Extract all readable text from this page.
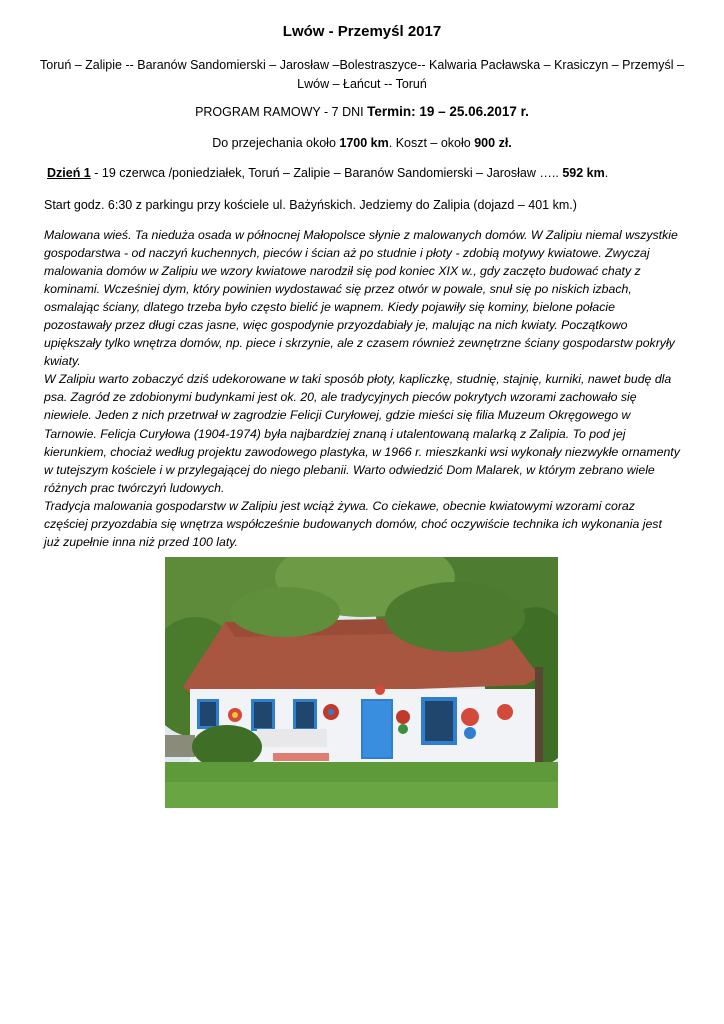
Lwów - Przemyśl 2017
Toruń – Zalipie -- Baranów Sandomierski – Jarosław –Bolestraszyce-- Kalwaria Pacławska – Krasiczyn – Przemyśl – Lwów – Łańcut -- Toruń
PROGRAM RAMOWY - 7 DNI Termin: 19 – 25.06.2017 r.
Do przejechania około 1700 km. Koszt – około 900 zł.
Dzień 1 - 19 czerwca /poniedziałek, Toruń – Zalipie – Baranów Sandomierski – Jarosław ….. 592 km.
Start godz. 6:30 z parkingu przy kościele ul. Bażyńskich. Jedziemy do Zalipia (dojazd – 401 km.)

Malowana wieś. Ta nieduża osada w północnej Małopolsce słynie z malowanych domów. W Zalipiu niemal wszystkie gospodarstwa - od naczyń kuchennych, pieców i ścian aż po studnie i płoty - zdobią motywy kwiatowe. Zwyczaj malowania domów w Zalipiu we wzory kwiatowe narodził się pod koniec XIX w., gdy zaczęto budować chaty z kominami. Wcześniej dym, który powinien wydostawać się przez otwór w powale, snuł się po niskich izbach, osmalając ściany, dlatego trzeba było często bielić je wapnem. Kiedy pojawiły się kominy, bielone połacie pozostawały przez długi czas jasne, więc gospodynie przyozdabiały je, malując na nich kwiaty. Początkowo upiększały tylko wnętrza domów, np. piece i skrzynie, ale z czasem również zewnętrzne ściany gospodarstw pokryły kwiaty.

W Zalipiu warto zobaczyć dziś udekorowane w taki sposób płoty, kapliczkę, studnię, stajnię, kurniki, nawet budę dla psa. Zagród ze zdobionymi budynkami jest ok. 20, ale tradycyjnych pieców pokrytych wzorami zachowało się niewiele. Jeden z nich przetrwał w zagrodzie Felicji Curyłowej, gdzie mieści się filia Muzeum Okręgowego w Tarnowie. Felicja Curyłowa (1904-1974) była najbardziej znaną i utalentowaną malarką z Zalipia. To pod jej kierunkiem, chociaż według projektu zawodowego plastyka, w 1966 r. mieszkanki wsi wykonały niezwykłe ornamenty w tutejszym kościele i w przylegającej do niego plebanii. Warto odwiedzić Dom Malarek, w którym zebrano wiele różnych prac twórczyń ludowych.

Tradycja malowania gospodarstw w Zalipiu jest wciąż żywa. Co ciekawe, obecnie kwiatowymi wzorami coraz częściej przyozdabia się wnętrza współcześnie budowanych domów, choć oczywiście technika ich wykonania jest już zupełnie inna niż przed 100 laty.
